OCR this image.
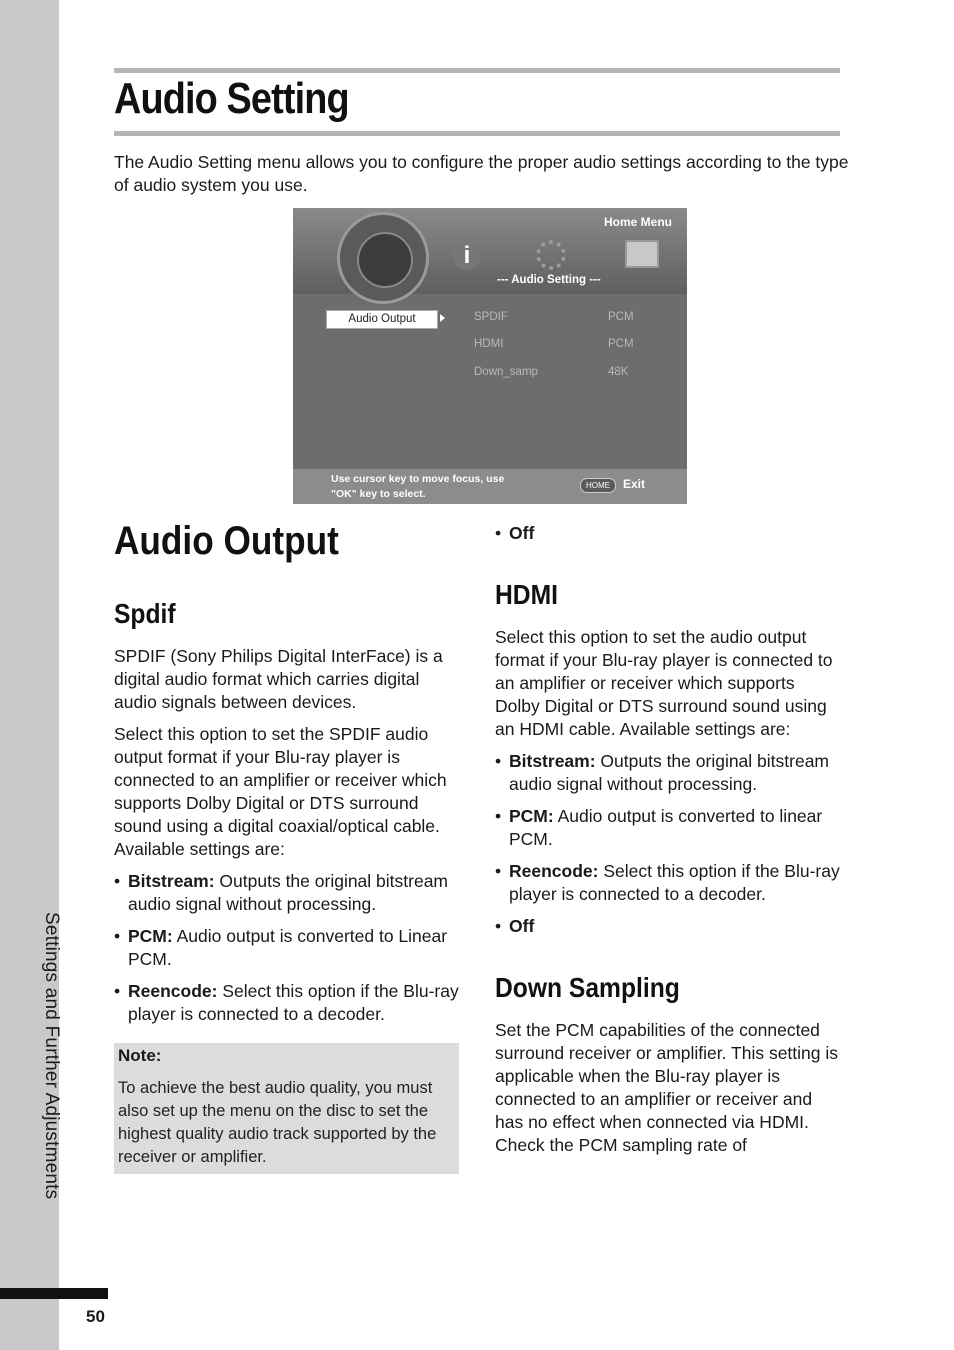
Settings and Further Adjustments
50
Audio Setting
The Audio Setting menu allows you to configure the proper audio settings according to the type of audio system you use.
i
Home Menu
--- Audio Setting ---
Audio Output	SPDIF	PCM
HDMI	PCM
Down_samp	48K
Use cursor key to move focus, use
"OK" key to select.
HOME	Exit
Audio Output
Spdif

SPDIF (Sony Philips Digital InterFace) is a digital audio format which carries digital audio signals between devices.

Select this option to set the SPDIF audio output format if your Blu-ray player is connected to an amplifier or receiver which supports Dolby Digital or DTS surround sound using a digital coaxial/optical cable. Available settings are:

• Bitstream: Outputs the original bitstream audio signal without processing.
• PCM: Audio output is converted to Linear PCM.
• Reencode: Select this option if the Blu-ray player is connected to a decoder.
Note:
To achieve the best audio quality, you must also set up the menu on the disc to set the highest quality audio track supported by the receiver or amplifier.
• Off
HDMI

Select this option to set the audio output format if your Blu-ray player is connected to an amplifier or receiver which supports Dolby Digital or DTS surround sound using an HDMI cable. Available settings are:

• Bitstream: Outputs the original bitstream audio signal without processing.
• PCM: Audio output is converted to linear PCM.
• Reencode: Select this option if the Blu-ray player is connected to a decoder.
• Off
Down Sampling

Set the PCM capabilities of the connected surround receiver or amplifier. This setting is applicable when the Blu-ray player is connected to an amplifier or receiver and has no effect when connected via HDMI. Check the PCM sampling rate of
